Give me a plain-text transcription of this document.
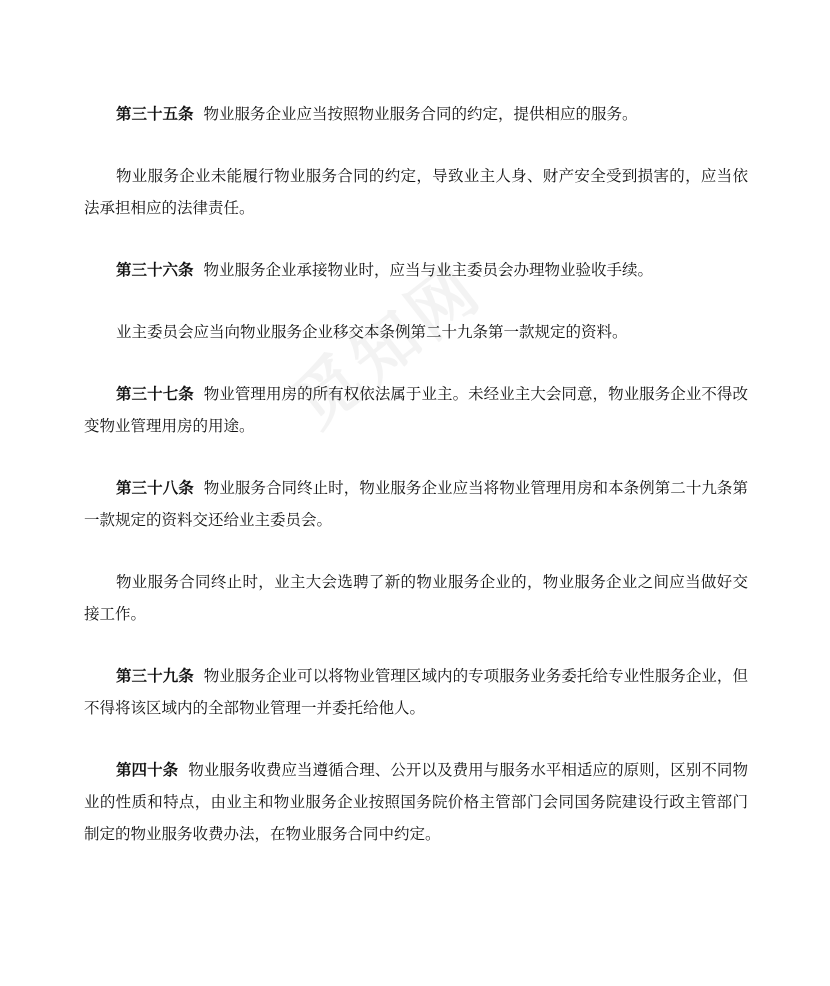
第三十五条 物业服务企业应当按照物业服务合同的约定，提供相应的服务。

物业服务企业未能履行物业服务合同的约定，导致业主人身、财产安全受到损害的，应当依法承担相应的法律责任。

第三十六条 物业服务企业承接物业时，应当与业主委员会办理物业验收手续。

业主委员会应当向物业服务企业移交本条例第二十九条第一款规定的资料。

第三十七条 物业管理用房的所有权依法属于业主。未经业主大会同意，物业服务企业不得改变物业管理用房的用途。

第三十八条 物业服务合同终止时，物业服务企业应当将物业管理用房和本条例第二十九条第一款规定的资料交还给业主委员会。

物业服务合同终止时，业主大会选聘了新的物业服务企业的，物业服务企业之间应当做好交接工作。

第三十九条 物业服务企业可以将物业管理区域内的专项服务业务委托给专业性服务企业，但不得将该区域内的全部物业管理一并委托给他人。

第四十条 物业服务收费应当遵循合理、公开以及费用与服务水平相适应的原则，区别不同物业的性质和特点，由业主和物业服务企业按照国务院价格主管部门会同国务院建设行政主管部门制定的物业服务收费办法，在物业服务合同中约定。
